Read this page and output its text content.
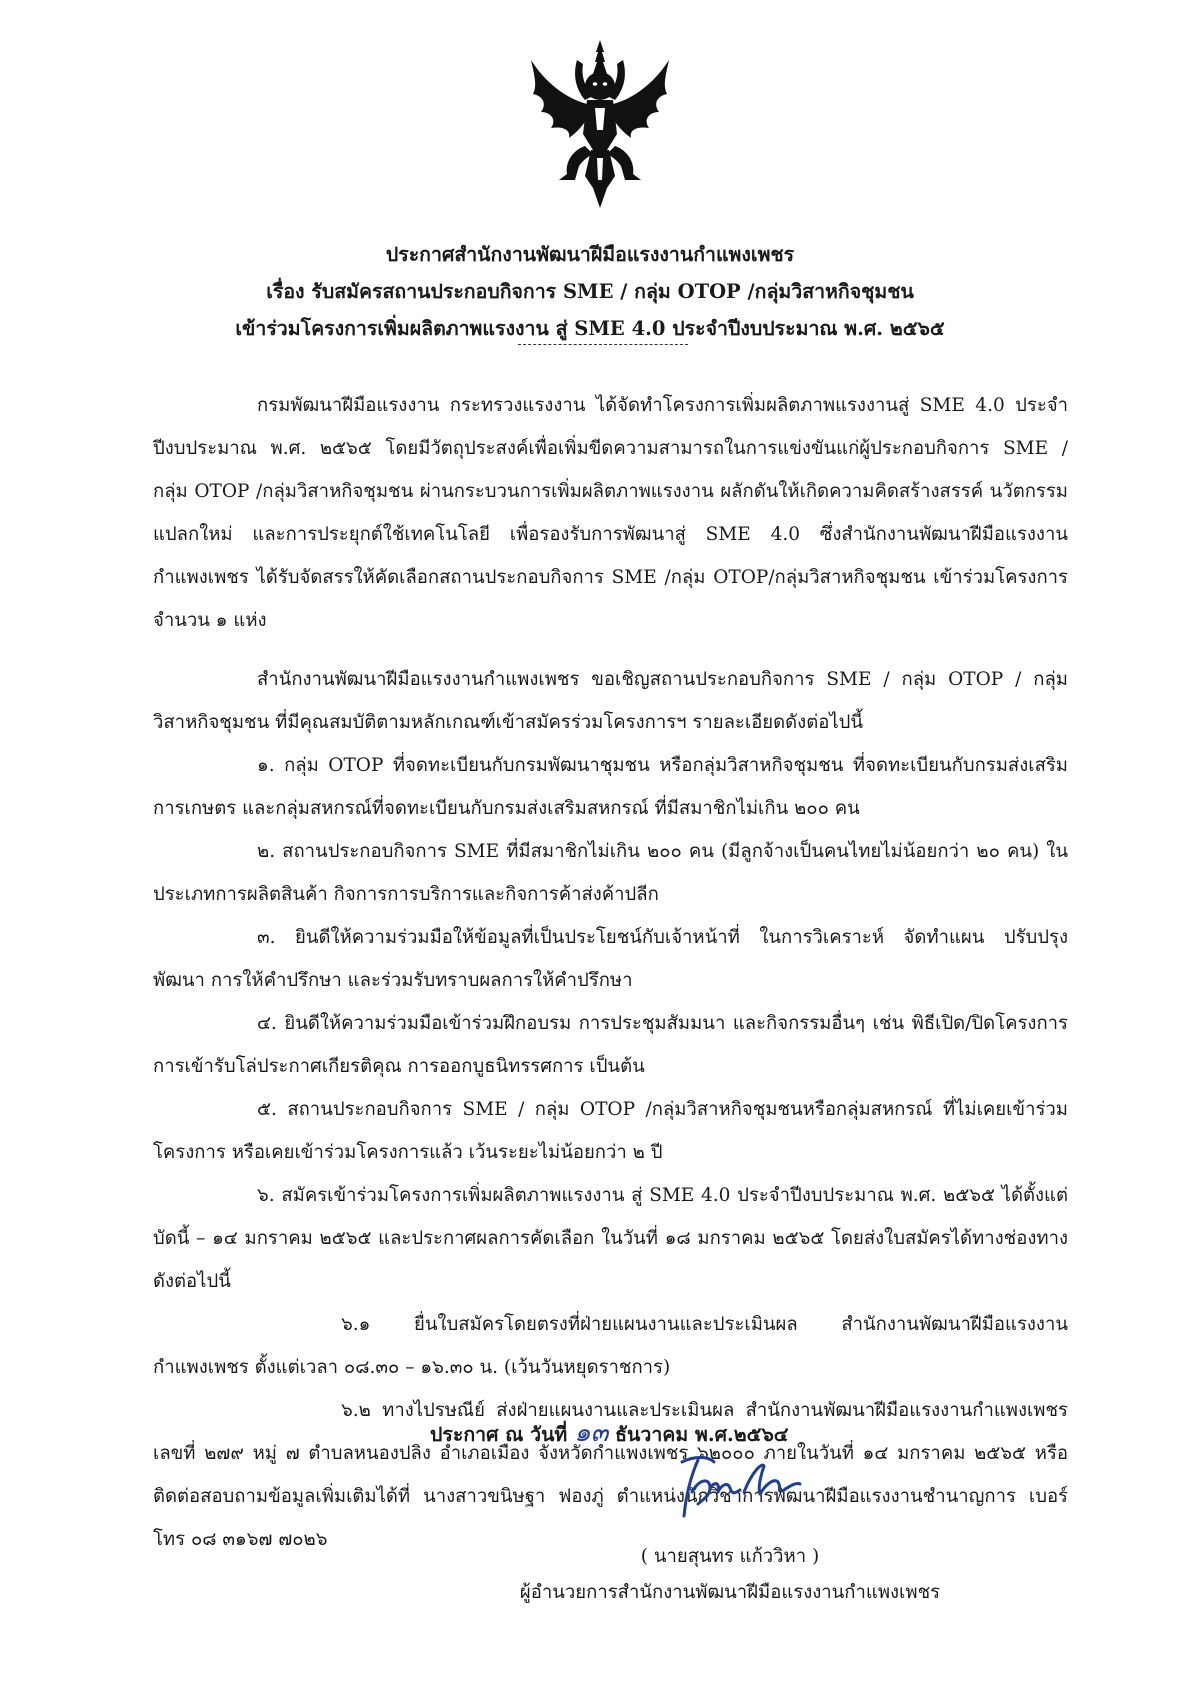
ประกาศสำนักงานพัฒนาฝีมือแรงงานกำแพงเพชร
เรื่อง รับสมัครสถานประกอบกิจการ SME / กลุ่ม OTOP /กลุ่มวิสาหกิจชุมชน
เข้าร่วมโครงการเพิ่มผลิตภาพแรงงาน สู่ SME 4.0 ประจำปีงบประมาณ พ.ศ. ๒๕๖๕

กรมพัฒนาฝีมือแรงงาน กระทรวงแรงงาน ได้จัดทำโครงการเพิ่มผลิตภาพแรงงานสู่ SME 4.0 ประจำปีงบประมาณ พ.ศ. ๒๕๖๕ โดยมีวัตถุประสงค์เพื่อเพิ่มขีดความสามารถในการแข่งขันแก่ผู้ประกอบกิจการ SME / กลุ่ม OTOP /กลุ่มวิสาหกิจชุมชน ผ่านกระบวนการเพิ่มผลิตภาพแรงงาน ผลักดันให้เกิดความคิดสร้างสรรค์ นวัตกรรมแปลกใหม่ และการประยุกต์ใช้เทคโนโลยี เพื่อรองรับการพัฒนาสู่ SME 4.0 ซึ่งสำนักงานพัฒนาฝีมือแรงงานกำแพงเพชร ได้รับจัดสรรให้คัดเลือกสถานประกอบกิจการ SME /กลุ่ม OTOP/กลุ่มวิสาหกิจชุมชน เข้าร่วมโครงการ จำนวน ๑ แห่ง

สำนักงานพัฒนาฝีมือแรงงานกำแพงเพชร ขอเชิญสถานประกอบกิจการ SME / กลุ่ม OTOP / กลุ่มวิสาหกิจชุมชน ที่มีคุณสมบัติตามหลักเกณฑ์เข้าสมัครร่วมโครงการฯ รายละเอียดดังต่อไปนี้

๑. กลุ่ม OTOP ที่จดทะเบียนกับกรมพัฒนาชุมชน หรือกลุ่มวิสาหกิจชุมชน ที่จดทะเบียนกับกรมส่งเสริมการเกษตร และกลุ่มสหกรณ์ที่จดทะเบียนกับกรมส่งเสริมสหกรณ์ ที่มีสมาชิกไม่เกิน ๒๐๐ คน

๒. สถานประกอบกิจการ SME ที่มีสมาชิกไม่เกิน ๒๐๐ คน (มีลูกจ้างเป็นคนไทยไม่น้อยกว่า ๒๐ คน) ในประเภทการผลิตสินค้า กิจการการบริการและกิจการค้าส่งค้าปลีก

๓. ยินดีให้ความร่วมมือให้ข้อมูลที่เป็นประโยชน์กับเจ้าหน้าที่ ในการวิเคราะห์ จัดทำแผน ปรับปรุง พัฒนา การให้คำปรึกษา และร่วมรับทราบผลการให้คำปรึกษา

๔. ยินดีให้ความร่วมมือเข้าร่วมฝึกอบรม การประชุมสัมมนา และกิจกรรมอื่นๆ เช่น พิธีเปิด/ปิดโครงการ การเข้ารับโล่ประกาศเกียรติคุณ การออกบูธนิทรรศการ เป็นต้น

๕. สถานประกอบกิจการ SME / กลุ่ม OTOP /กลุ่มวิสาหกิจชุมชนหรือกลุ่มสหกรณ์ ที่ไม่เคยเข้าร่วมโครงการ หรือเคยเข้าร่วมโครงการแล้ว เว้นระยะไม่น้อยกว่า ๒ ปี

๖. สมัครเข้าร่วมโครงการเพิ่มผลิตภาพแรงงาน สู่ SME 4.0 ประจำปีงบประมาณ พ.ศ. ๒๕๖๕ ได้ตั้งแต่บัดนี้ – ๑๔ มกราคม ๒๕๖๕ และประกาศผลการคัดเลือก ในวันที่ ๑๘ มกราคม ๒๕๖๕ โดยส่งใบสมัครได้ทางช่องทาง ดังต่อไปนี้

๖.๑ ยื่นใบสมัครโดยตรงที่ฝ่ายแผนงานและประเมินผล สำนักงานพัฒนาฝีมือแรงงานกำแพงเพชร ตั้งแต่เวลา ๐๘.๓๐ – ๑๖.๓๐ น. (เว้นวันหยุดราชการ)

๖.๒ ทางไปรษณีย์ ส่งฝ่ายแผนงานและประเมินผล สำนักงานพัฒนาฝีมือแรงงานกำแพงเพชร เลขที่ ๒๗๙ หมู่ ๗ ตำบลหนองปลิง อำเภอเมือง จังหวัดกำแพงเพชร ๖๒๐๐๐ ภายในวันที่ ๑๔ มกราคม ๒๕๖๕ หรือติดต่อสอบถามข้อมูลเพิ่มเติมได้ที่ นางสาวขนิษฐา ฟองภู่ ตำแหน่งนักวิชาการพัฒนาฝีมือแรงงานชำนาญการ เบอร์โทร ๐๘ ๓๑๖๗ ๗๐๒๖

ประกาศ ณ วันที่ ๑๓ ธันวาคม พ.ศ.๒๕๖๔
( นายสุนทร แก้ววิหา )
ผู้อำนวยการสำนักงานพัฒนาฝีมือแรงงานกำแพงเพชร
